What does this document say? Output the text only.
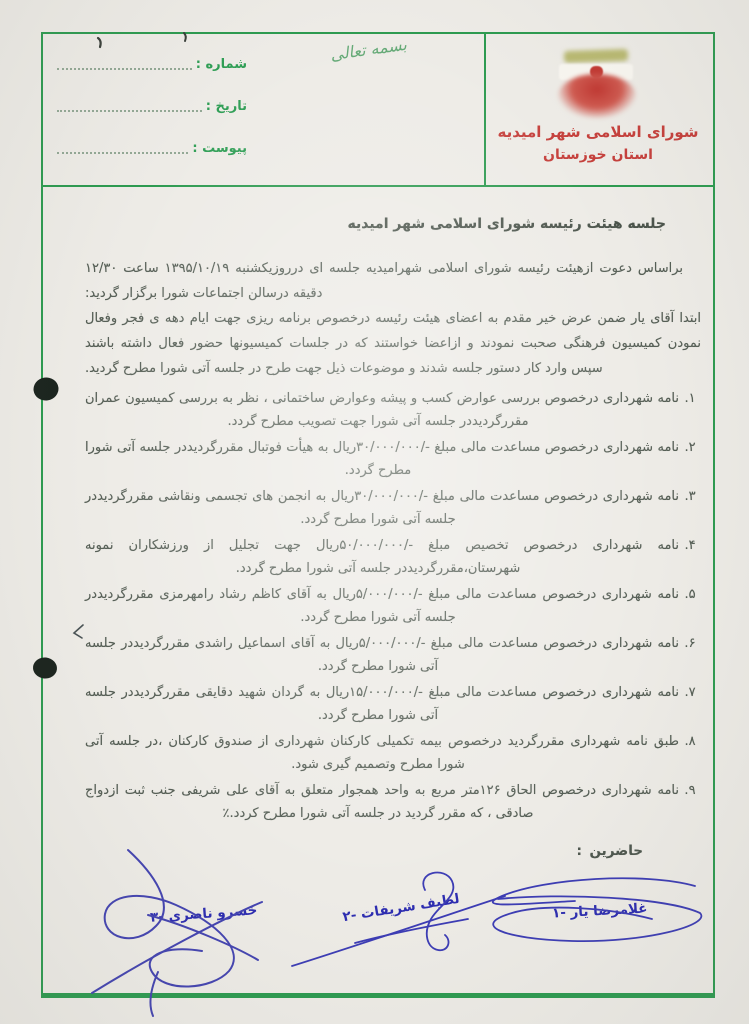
شماره :
تاریخ :
پیوست :
شورای اسلامی شهر امیدیه
استان خوزستان
بسمه تعالی
جلسه هیئت رئیسه شورای اسلامی شهر امیدیه

براساس دعوت ازهیئت رئیسه شورای اسلامی شهرامیدیه جلسه ای درروزیکشنبه ۱۳۹۵/۱۰/۱۹ ساعت ۱۲/۳۰ دقیقه درسالن اجتماعات شورا برگزار گردید:

ابتدا آقای یار ضمن عرض خیر مقدم به اعضای هیئت رئیسه درخصوص برنامه ریزی جهت ایام دهه ی فجر وفعال نمودن کمیسیون فرهنگی صحبت نمودند و ازاعضا خواستند که در جلسات کمیسیونها حضور فعال داشته باشند سپس وارد کار دستور جلسه شدند و موضوعات ذیل جهت طرح در جلسه آتی شورا مطرح گردید.

۱.نامه شهرداری درخصوص بررسی عوارض کسب و پیشه وعوارض ساختمانی ، نظر به بررسی کمیسیون عمران مقررگردیددر جلسه آتی شورا جهت تصویب مطرح گردد.
۲.نامه شهرداری درخصوص مساعدت مالی مبلغ -/۳۰/۰۰۰/۰۰۰ریال به هیأت فوتبال مقررگردیددر جلسه آتی شورا مطرح گردد.
۳.نامه شهرداری درخصوص مساعدت مالی مبلغ -/۳۰/۰۰۰/۰۰۰ریال به انجمن های تجسمی ونقاشی مقررگردیددر جلسه آتی شورا مطرح گردد.
۴.نامه شهرداری درخصوص تخصیص مبلغ -/۵۰/۰۰۰/۰۰۰ریال جهت تجلیل از ورزشکاران نمونه شهرستان،مقررگردیددر جلسه آتی شورا مطرح گردد.
۵.نامه شهرداری درخصوص مساعدت مالی مبلغ -/۵/۰۰۰/۰۰۰ریال به آقای کاظم رشاد رامهرمزی مقررگردیددر جلسه آتی شورا مطرح گردد.
۶.نامه شهرداری درخصوص مساعدت مالی مبلغ -/۵/۰۰۰/۰۰۰ریال به آقای اسماعیل راشدی مقررگردیددر جلسه آتی شورا مطرح گردد.
۷.نامه شهرداری درخصوص مساعدت مالی مبلغ -/۱۵/۰۰۰/۰۰۰ریال به گردان شهید دقایقی مقررگردیددر جلسه آتی شورا مطرح گردد.
۸.طبق نامه شهرداری مقررگردید درخصوص بیمه تکمیلی کارکنان شهرداری از صندوق کارکنان ،در جلسه آتی شورا مطرح وتصمیم گیری شود.
۹.نامه شهرداری درخصوص الحاق ۱۲۶متر مربع به واحد همجوار متعلق به آقای علی شریفی جنب ثبت ازدواج صادقی ، که مقرر گردید در جلسه آتی شورا مطرح کردد.٪
حاضرین :
۱- غلامرضا یار
۲- لطیف شریفات
۳- خسرو ناصری
